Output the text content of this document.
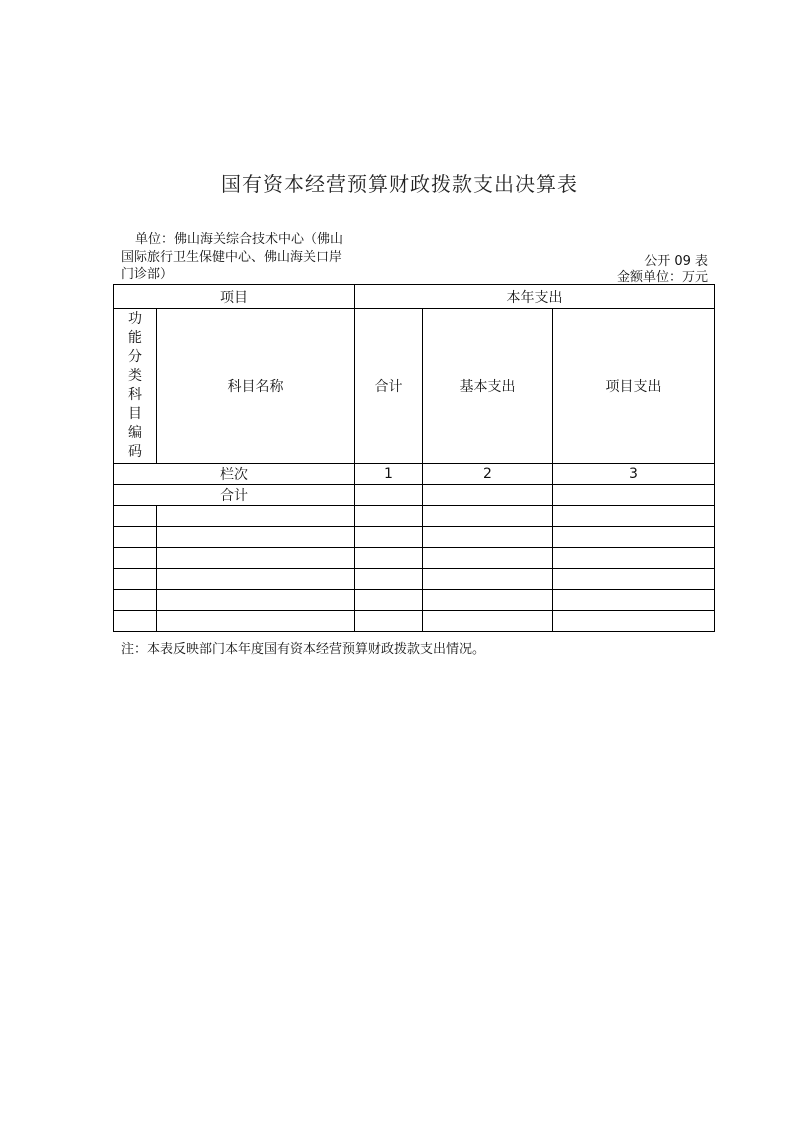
国有资本经营预算财政拨款支出决算表
单位：佛山海关综合技术中心（佛山
国际旅行卫生保健中心、佛山海关口岸
门诊部）
公开 09 表
金额单位：万元
项目		本年支出		
功能分类科目编码	科目名称	合计	基本支出	项目支出
栏次		1	2	3
合计				

注：本表反映部门本年度国有资本经营预算财政拨款支出情况。
